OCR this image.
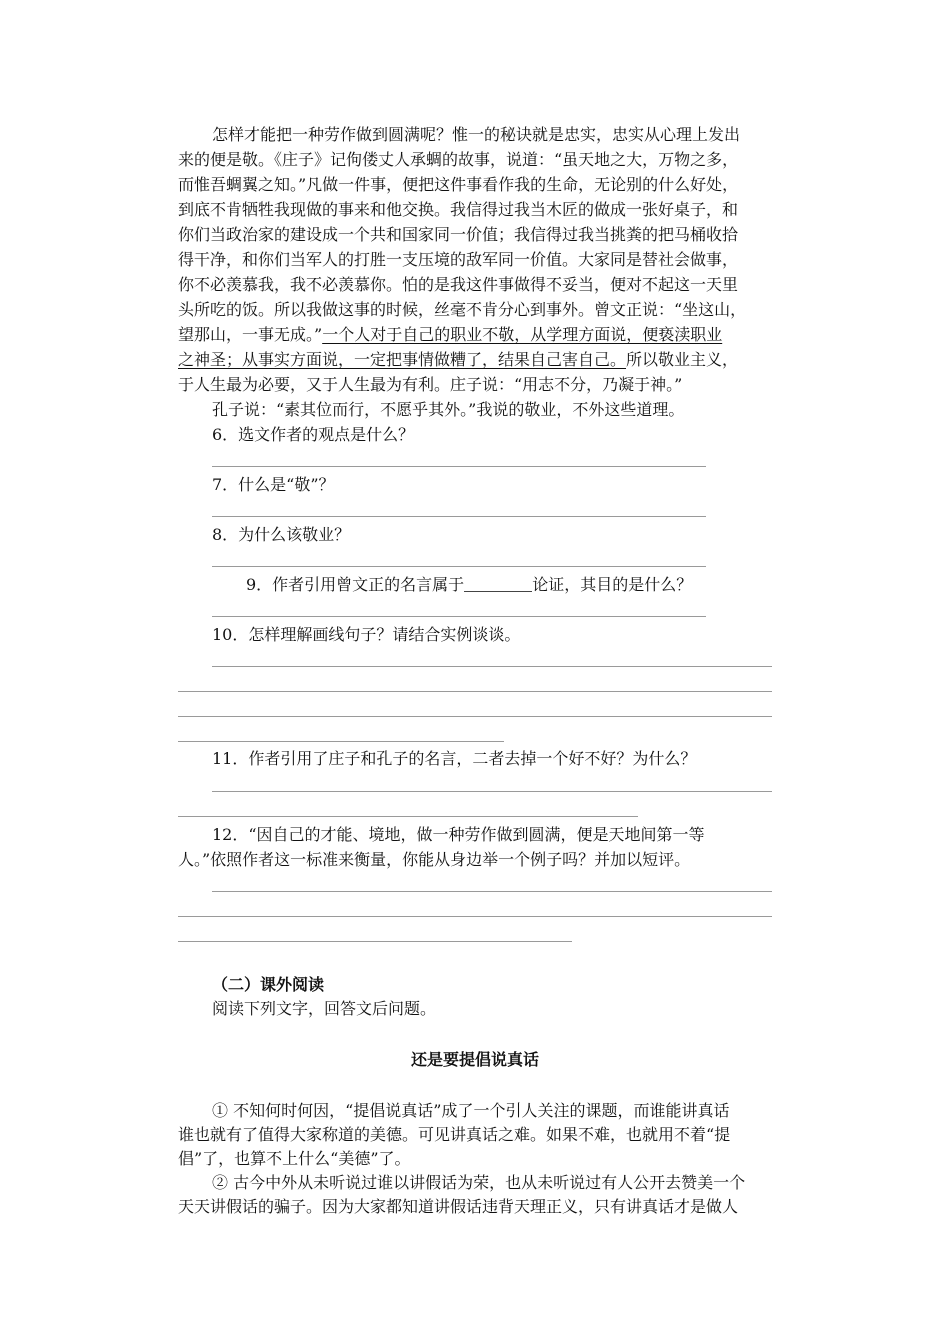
怎样才能把一种劳作做到圆满呢？惟一的秘诀就是忠实，忠实从心理上发出
来的便是敬。《庄子》记佝偻丈人承蜩的故事，说道：“虽天地之大，万物之多，
而惟吾蜩翼之知。”凡做一件事，便把这件事看作我的生命，无论别的什么好处，
到底不肯牺牲我现做的事来和他交换。我信得过我当木匠的做成一张好桌子，和
你们当政治家的建设成一个共和国家同一价值；我信得过我当挑粪的把马桶收拾
得干净，和你们当军人的打胜一支压境的敌军同一价值。大家同是替社会做事，
你不必羡慕我，我不必羡慕你。怕的是我这件事做得不妥当，便对不起这一天里
头所吃的饭。所以我做这事的时候，丝毫不肯分心到事外。曾文正说：“坐这山，
望那山，一事无成。”一个人对于自己的职业不敬，从学理方面说，便亵渎职业
之神圣；从事实方面说，一定把事情做糟了，结果自己害自己。所以敬业主义，
于人生最为必要，又于人生最为有利。庄子说：“用志不分，乃凝于神。”
孔子说：“素其位而行，不愿乎其外。”我说的敬业，不外这些道理。
6．选文作者的观点是什么？
7．什么是“敬”？
8．为什么该敬业？
9．作者引用曾文正的名言属于	论证，其目的是什么？
10．怎样理解画线句子？请结合实例谈谈。
11．作者引用了庄子和孔子的名言，二者去掉一个好不好？为什么？
12．“因自己的才能、境地，做一种劳作做到圆满，便是天地间第一等
人。”依照作者这一标准来衡量，你能从身边举一个例子吗？并加以短评。
（二）课外阅读
阅读下列文字，回答文后问题。
还是要提倡说真话
① 不知何时何因，“提倡说真话”成了一个引人关注的课题，而谁能讲真话
谁也就有了值得大家称道的美德。可见讲真话之难。如果不难，也就用不着“提
倡”了，也算不上什么“美德”了。
② 古今中外从未听说过谁以讲假话为荣，也从未听说过有人公开去赞美一个
天天讲假话的骗子。因为大家都知道讲假话违背天理正义，只有讲真话才是做人
